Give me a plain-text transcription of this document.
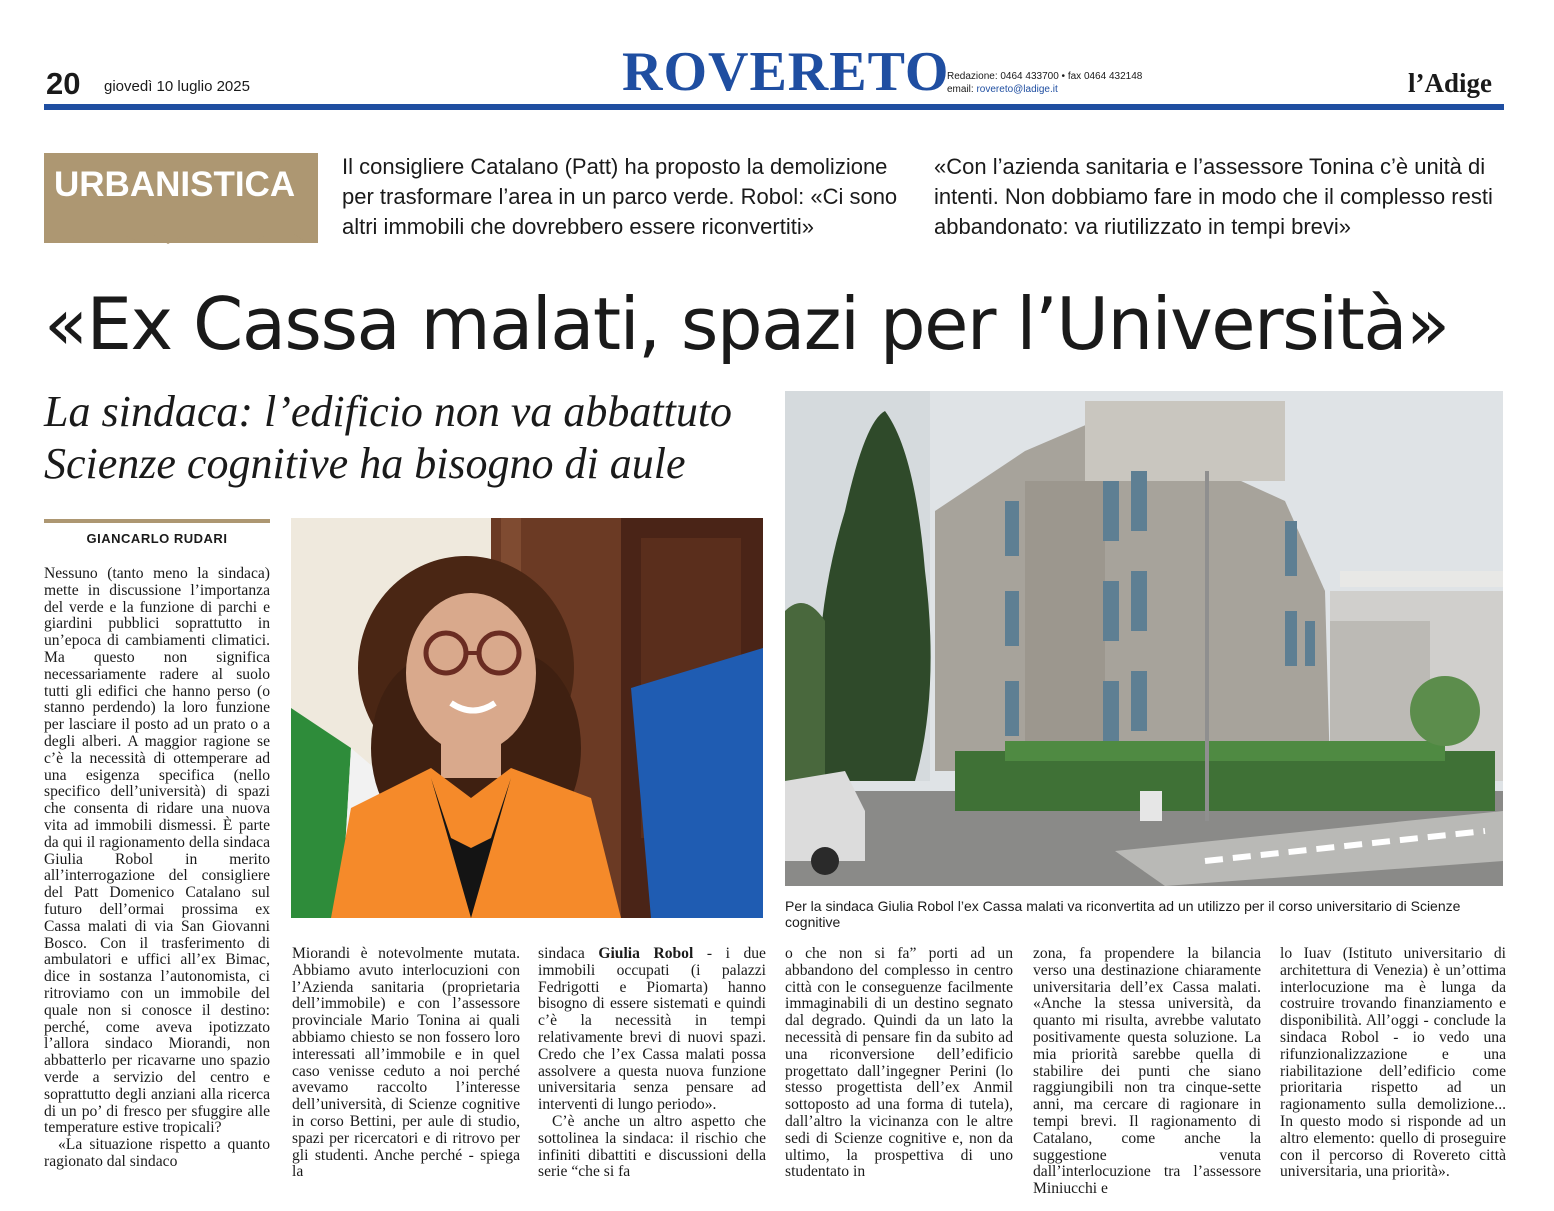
20 giovedì 10 luglio 2025	ROVERETO
Redazione: 0464 433700 • fax 0464 432148
email: rovereto@ladige.it	l’Adige
URBANISTICA Il consigliere Catalano (Patt) ha proposto la demolizione per trasformare l’area in un parco verde. Robol: «Ci sono altri immobili che dovrebbero essere riconvertiti»
«Con l’azienda sanitaria e l’assessore Tonina c’è unità di intenti. Non dobbiamo fare in modo che il complesso resti abbandonato: va riutilizzato in tempi brevi»
«Ex Cassa malati, spazi per l’Università»
La sindaca: l’edificio non va abbattuto
Scienze cognitive ha bisogno di aule
GIANCARLO RUDARI
Per la sindaca Giulia Robol l’ex Cassa malati va riconvertita ad un utilizzo per il corso universitario di Scienze cognitive

Nessuno (tanto meno la sindaca) mette in discussione l’importanza del verde e la funzione di parchi e giardini pubblici soprattutto in un’epoca di cambiamenti climatici. Ma questo non significa necessariamente radere al suolo tutti gli edifici che hanno perso (o stanno perdendo) la loro funzione per lasciare il posto ad un prato o a degli alberi. A maggior ragione se c’è la necessità di ottemperare ad una esigenza specifica (nello specifico dell’università) di spazi che consenta di ridare una nuova vita ad immobili dismessi. È parte da qui il ragionamento della sindaca Giulia Robol in merito all’interrogazione del consigliere del Patt Domenico Catalano sul futuro dell’ormai prossima ex Cassa malati di via San Giovanni Bosco. Con il trasferimento di ambulatori e uffici all’ex Bimac, dice in sostanza l’autonomista, ci ritroviamo con un immobile del quale non si conosce il destino: perché, come aveva ipotizzato l’allora sindaco Miorandi, non abbatterlo per ricavarne uno spazio verde a servizio del centro e soprattutto degli anziani alla ricerca di un po’ di fresco per sfuggire alle temperature estive tropicali?

«La situazione rispetto a quanto ragionato dal sindaco

Miorandi è notevolmente mutata. Abbiamo avuto interlocuzioni con l’Azienda sanitaria (proprietaria dell’immobile) e con l’assessore provinciale Mario Tonina ai quali abbiamo chiesto se non fossero loro interessati all’immobile e in quel caso venisse ceduto a noi perché avevamo raccolto l’interesse dell’università, di Scienze cognitive in corso Bettini, per aule di studio, spazi per ricercatori e di ritrovo per gli studenti. Anche perché - spiega la

sindaca Giulia Robol - i due immobili occupati (i palazzi Fedrigotti e Piomarta) hanno bisogno di essere sistemati e quindi c’è la necessità in tempi relativamente brevi di nuovi spazi. Credo che l’ex Cassa malati possa assolvere a questa nuova funzione universitaria senza pensare ad interventi di lungo periodo».

C’è anche un altro aspetto che sottolinea la sindaca: il rischio che infiniti dibattiti e discussioni della serie “che si fa

o che non si fa” porti ad un abbandono del complesso in centro città con le conseguenze facilmente immaginabili di un destino segnato dal degrado. Quindi da un lato la necessità di pensare fin da subito ad una riconversione dell’edificio progettato dall’ingegner Perini (lo stesso progettista dell’ex Anmil sottoposto ad una forma di tutela), dall’altro la vicinanza con le altre sedi di Scienze cognitive e, non da ultimo, la prospettiva di uno studentato in

zona, fa propendere la bilancia verso una destinazione chiaramente universitaria dell’ex Cassa malati. «Anche la stessa università, da quanto mi risulta, avrebbe valutato positivamente questa soluzione. La mia priorità sarebbe quella di stabilire dei punti che siano raggiungibili non tra cinque-sette anni, ma cercare di ragionare in tempi brevi. Il ragionamento di Catalano, come anche la suggestione venuta dall’interlocuzione tra l’assessore Miniucchi e

lo Iuav (Istituto universitario di architettura di Venezia) è un’ottima interlocuzione ma è lunga da costruire trovando finanziamento e disponibilità. All’oggi - conclude la sindaca Robol - io vedo una rifunzionalizzazione e una riabilitazione dell’edificio come prioritaria rispetto ad un ragionamento sulla demolizione... In questo modo si risponde ad un altro elemento: quello di proseguire con il percorso di Rovereto città universitaria, una priorità».
